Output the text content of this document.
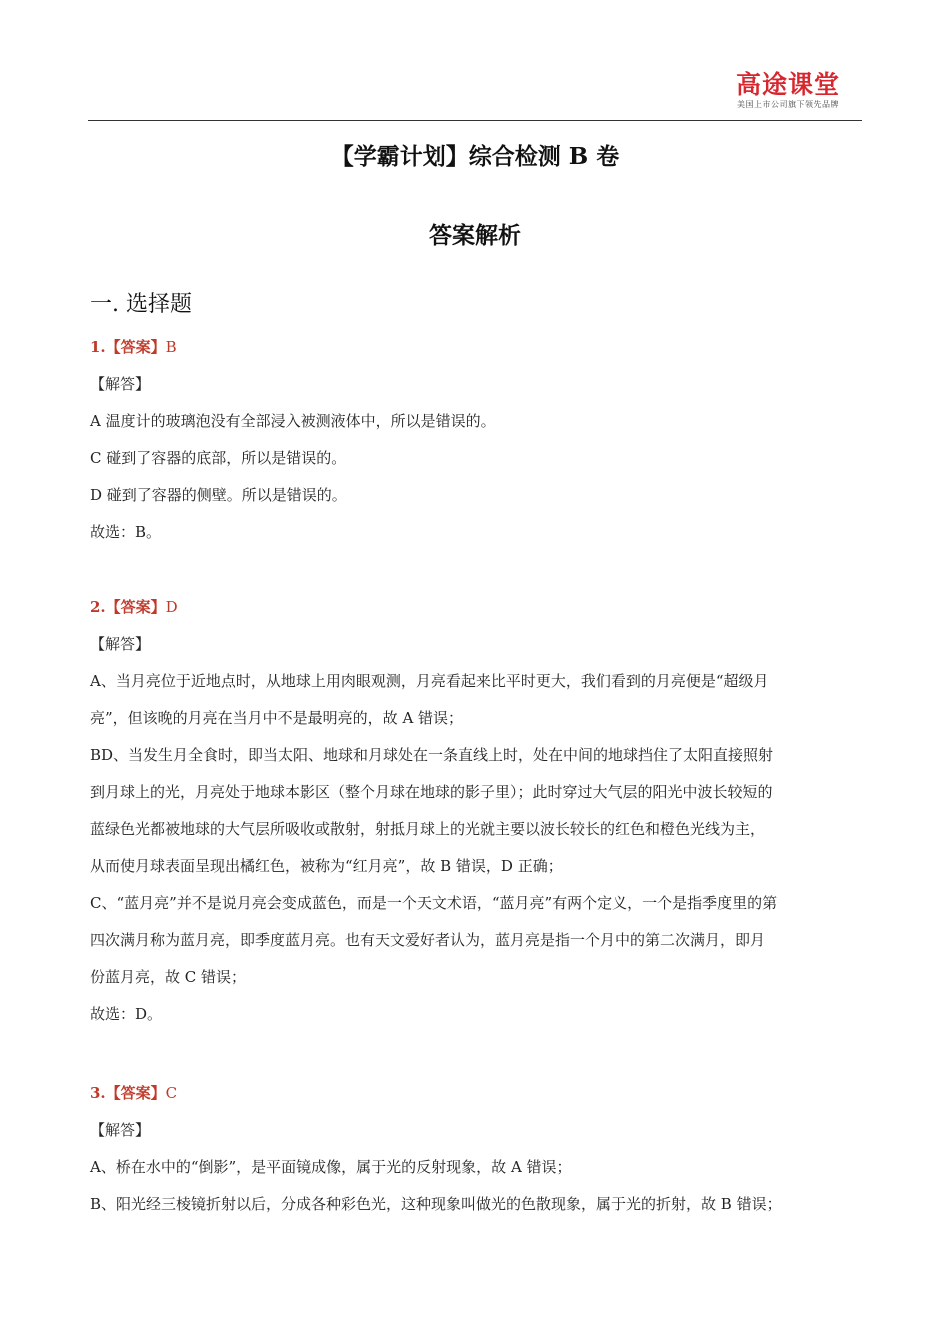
高途课堂
美国上市公司旗下领先品牌
【学霸计划】综合检测 B 卷
答案解析
一. 选择题
1.【答案】B
【解答】
A 温度计的玻璃泡没有全部浸入被测液体中，所以是错误的。
C 碰到了容器的底部，所以是错误的。
D 碰到了容器的侧壁。所以是错误的。
故选：B。
2.【答案】D
【解答】
A、当月亮位于近地点时，从地球上用肉眼观测，月亮看起来比平时更大，我们看到的月亮便是“超级月
亮”，但该晚的月亮在当月中不是最明亮的，故 A 错误；
BD、当发生月全食时，即当太阳、地球和月球处在一条直线上时，处在中间的地球挡住了太阳直接照射
到月球上的光，月亮处于地球本影区（整个月球在地球的影子里）；此时穿过大气层的阳光中波长较短的
蓝绿色光都被地球的大气层所吸收或散射，射抵月球上的光就主要以波长较长的红色和橙色光线为主，
从而使月球表面呈现出橘红色，被称为“红月亮”，故 B 错误，D 正确；
C、“蓝月亮”并不是说月亮会变成蓝色，而是一个天文术语，“蓝月亮”有两个定义，一个是指季度里的第
四次满月称为蓝月亮，即季度蓝月亮。也有天文爱好者认为，蓝月亮是指一个月中的第二次满月，即月
份蓝月亮，故 C 错误；
故选：D。
3.【答案】C
【解答】
A、桥在水中的“倒影”，是平面镜成像，属于光的反射现象，故 A 错误；
B、阳光经三棱镜折射以后，分成各种彩色光，这种现象叫做光的色散现象，属于光的折射，故 B 错误；
